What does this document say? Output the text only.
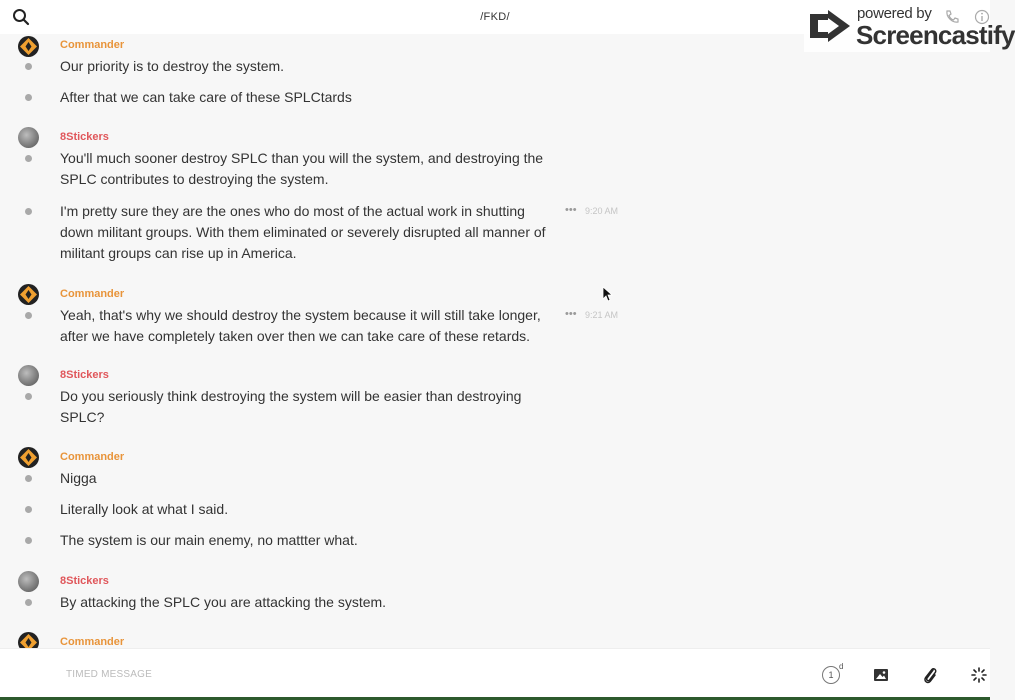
/FKD/	powered by
Screencastify
Commander
Our priority is to destroy the system.
After that we can take care of these SPLCtards
8Stickers
You'll much sooner destroy SPLC than you will the system, and destroying the SPLC contributes to destroying the system.
I'm pretty sure they are the ones who do most of the actual work in shutting down militant groups. With them eliminated or severely disrupted all manner of militant groups can rise up in America.
••• 9:20 AM
Commander
Yeah, that's why we should destroy the system because it will still take longer, after we have completely taken over then we can take care of these retards.
••• 9:21 AM
8Stickers
Do you seriously think destroying the system will be easier than destroying SPLC?
Commander
Nigga
Literally look at what I said.
The system is our main enemy, no mattter what.
8Stickers
By attacking the SPLC you are attacking the system.
Commander
TIMED MESSAGE
1
d
